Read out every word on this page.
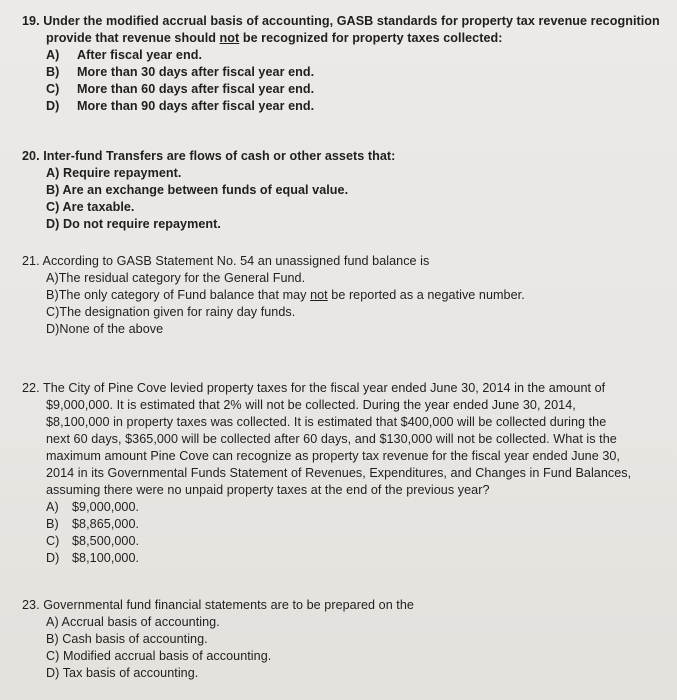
19. Under the modified accrual basis of accounting, GASB standards for property tax revenue recognition
provide that revenue should not be recognized for property taxes collected:
A)	After fiscal year end.
B)	More than 30 days after fiscal year end.
C)	More than 60 days after fiscal year end.
D)	More than 90 days after fiscal year end.
20. Inter-fund Transfers are flows of cash or other assets that:
A) Require repayment.
B) Are an exchange between funds of equal value.
C) Are taxable.
D) Do not require repayment.
21. According to GASB Statement No. 54 an unassigned fund balance is
A)The residual category for the General Fund.
B)The only category of Fund balance that may not be reported as a negative number.
C)The designation given for rainy day funds.
D)None of the above
22. The City of Pine Cove levied property taxes for the fiscal year ended June 30, 2014 in the amount of
$9,000,000. It is estimated that 2% will not be collected. During the year ended June 30, 2014,
$8,100,000 in property taxes was collected. It is estimated that $400,000 will be collected during the
next 60 days, $365,000 will be collected after 60 days, and $130,000 will not be collected. What is the
maximum amount Pine Cove can recognize as property tax revenue for the fiscal year ended June 30,
2014 in its Governmental Funds Statement of Revenues, Expenditures, and Changes in Fund Balances,
assuming there were no unpaid property taxes at the end of the previous year?
A)	$9,000,000.
B)	$8,865,000.
C)	$8,500,000.
D)	$8,100,000.
23. Governmental fund financial statements are to be prepared on the
A) Accrual basis of accounting.
B) Cash basis of accounting.
C) Modified accrual basis of accounting.
D) Tax basis of accounting.
